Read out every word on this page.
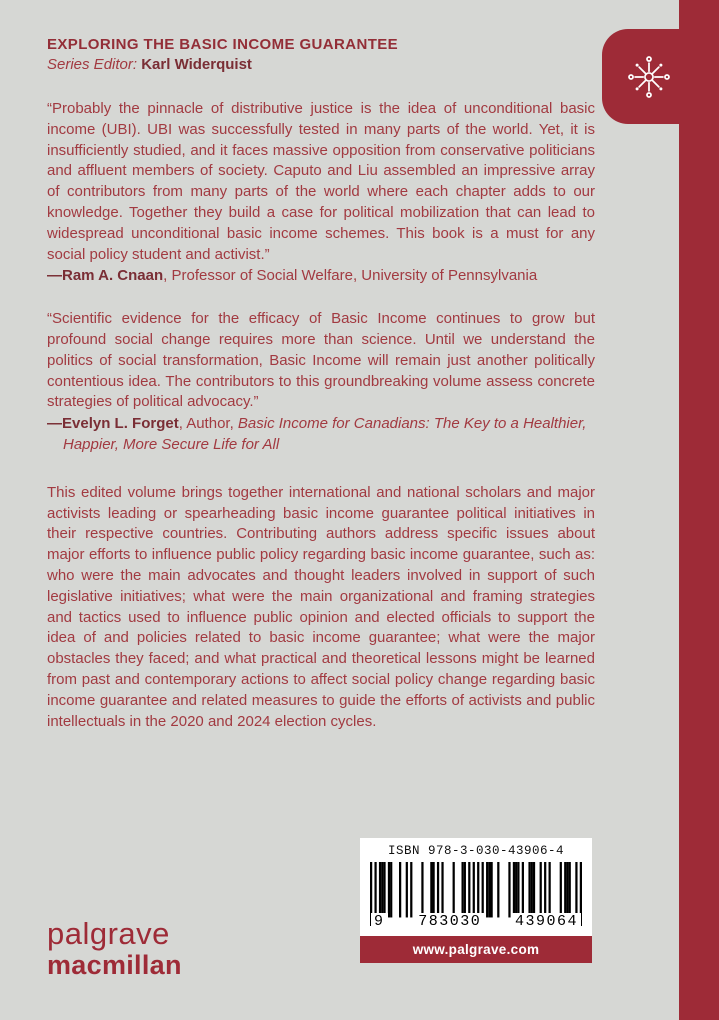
EXPLORING THE BASIC INCOME GUARANTEE
Series Editor: Karl Widerquist

“Probably the pinnacle of distributive justice is the idea of unconditional basic income (UBI). UBI was successfully tested in many parts of the world. Yet, it is insufficiently studied, and it faces massive opposition from conservative politicians and affluent members of society. Caputo and Liu assembled an impressive array of contributors from many parts of the world where each chapter adds to our knowledge. Together they build a case for political mobilization that can lead to widespread unconditional basic income schemes. This book is a must for any social policy student and activist.”

—Ram A. Cnaan, Professor of Social Welfare, University of Pennsylvania

“Scientific evidence for the efficacy of Basic Income continues to grow but profound social change requires more than science. Until we understand the politics of social transformation, Basic Income will remain just another politically contentious idea. The contributors to this groundbreaking volume assess concrete strategies of political advocacy.”

—Evelyn L. Forget, Author, Basic Income for Canadians: The Key to a Healthier, Happier, More Secure Life for All

This edited volume brings together international and national scholars and major activists leading or spearheading basic income guarantee political initiatives in their respective countries. Contributing authors address specific issues about major efforts to influence public policy regarding basic income guarantee, such as: who were the main advocates and thought leaders involved in support of such legislative initiatives; what were the main organizational and framing strategies and tactics used to influence public opinion and elected officials to support the idea of and policies related to basic income guarantee; what were the major obstacles they faced; and what practical and theoretical lessons might be learned from past and contemporary actions to affect social policy change regarding basic income guarantee and related measures to guide the efforts of activists and public intellectuals in the 2020 and 2024 election cycles.

palgrave
macmillan
ISBN 978-3-030-43906-4
9 783030 439064
www.palgrave.com
